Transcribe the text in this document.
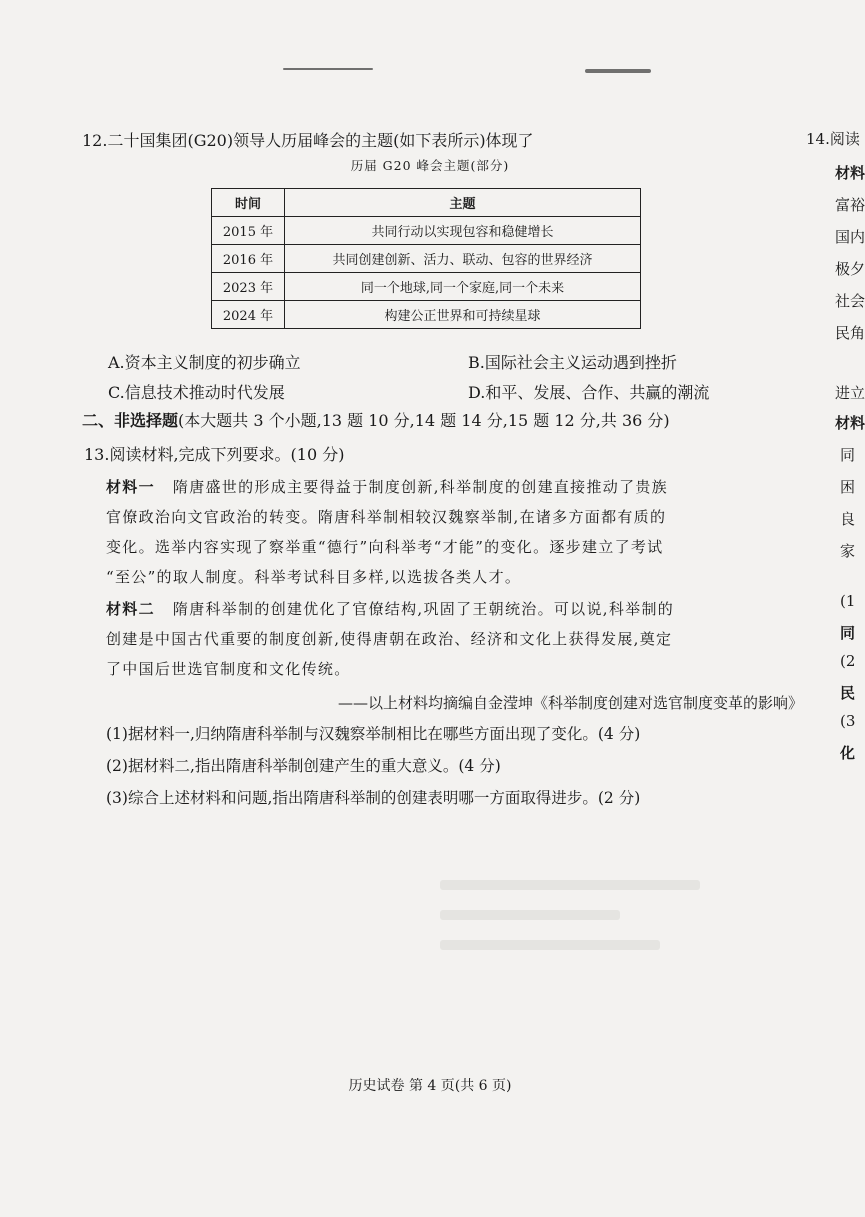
12.二十国集团(G20)领导人历届峰会的主题(如下表所示)体现了
历届 G20 峰会主题(部分)
时间	主题
2015 年	共同行动以实现包容和稳健增长
2016 年	共同创建创新、活力、联动、包容的世界经济
2023 年	同一个地球,同一个家庭,同一个未来
2024 年	构建公正世界和可持续星球
A.资本主义制度的初步确立	B.国际社会主义运动遇到挫折
C.信息技术推动时代发展	D.和平、发展、合作、共赢的潮流
二、非选择题(本大题共 3 个小题,13 题 10 分,14 题 14 分,15 题 12 分,共 36 分)
13.阅读材料,完成下列要求。(10 分)
材料一 隋唐盛世的形成主要得益于制度创新,科举制度的创建直接推动了贵族
官僚政治向文官政治的转变。隋唐科举制相较汉魏察举制,在诸多方面都有质的
变化。选举内容实现了察举重“德行”向科举考“才能”的变化。逐步建立了考试
“至公”的取人制度。科举考试科目多样,以选拔各类人才。
材料二 隋唐科举制的创建优化了官僚结构,巩固了王朝统治。可以说,科举制的
创建是中国古代重要的制度创新,使得唐朝在政治、经济和文化上获得发展,奠定
了中国后世选官制度和文化传统。
——以上材料均摘编自金滢坤《科举制度创建对选官制度变革的影响》
(1)据材料一,归纳隋唐科举制与汉魏察举制相比在哪些方面出现了变化。(4 分)
(2)据材料二,指出隋唐科举制创建产生的重大意义。(4 分)
(3)综合上述材料和问题,指出隋唐科举制的创建表明哪一方面取得进步。(2 分)
历史试卷 第 4 页(共 6 页)
14.阅读
材料
富裕
国内
极夕
社会
民角
进立
材料
同
困
良
家
(1
同
(2
民
(3
化
